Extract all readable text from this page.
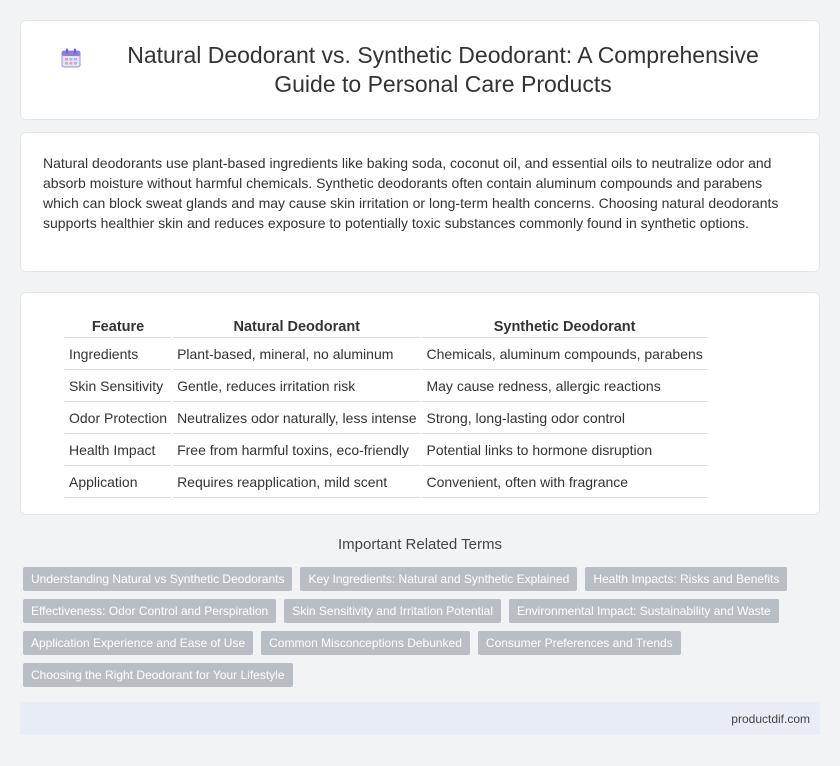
Natural Deodorant vs. Synthetic Deodorant: A Comprehensive Guide to Personal Care Products

Natural deodorants use plant-based ingredients like baking soda, coconut oil, and essential oils to neutralize odor and absorb moisture without harmful chemicals. Synthetic deodorants often contain aluminum compounds and parabens which can block sweat glands and may cause skin irritation or long-term health concerns. Choosing natural deodorants supports healthier skin and reduces exposure to potentially toxic substances commonly found in synthetic options.

Feature	Natural Deodorant	Synthetic Deodorant
Ingredients	Plant-based, mineral, no aluminum	Chemicals, aluminum compounds, parabens
Skin Sensitivity	Gentle, reduces irritation risk	May cause redness, allergic reactions
Odor Protection	Neutralizes odor naturally, less intense	Strong, long-lasting odor control
Health Impact	Free from harmful toxins, eco-friendly	Potential links to hormone disruption
Application	Requires reapplication, mild scent	Convenient, often with fragrance
Important Related Terms
Understanding Natural vs Synthetic Deodorants	Key Ingredients: Natural and Synthetic Explained	Health Impacts: Risks and Benefits
Effectiveness: Odor Control and Perspiration	Skin Sensitivity and Irritation Potential	Environmental Impact: Sustainability and Waste
Application Experience and Ease of Use	Common Misconceptions Debunked	Consumer Preferences and Trends
Choosing the Right Deodorant for Your Lifestyle
productdif.com
